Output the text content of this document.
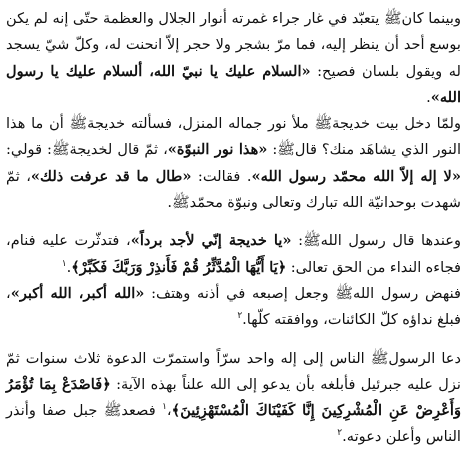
وبينما كانﷺ يتعبّد في غار جراء غمرته أنوار الجلال والعظمة حتّى إنه لم يكن بوسع أحد أن ينظر إليه، فما مرّ بشجر ولا حجر إلاّ انحنت له، وكلّ شيّ يسجد له ويقول بلسان فصيح: «السلام عليك يا نبيّ الله، ألسلام عليك يا رسول الله».

ولمّا دخل بيت خديجةﷺ ملأ نور جماله المنزل، فسألته خديجةﷺ أن ما هذا النور الذي يشاهَد منك؟ قالﷺ: «هذا نور النبوّة»، ثمّ قال لخديجةﷺ: قولي: «لا إله إلاّ الله محمّد رسول الله». فقالت: «طال ما قد عرفت ذلك»، ثمّ شهدت بوحدانيّة الله تبارك وتعالى ونبوّة محمّدﷺ.

وعندها قال رسول اللهﷺ: «يا خديجة إنّي لأجد برداً»، فتدثّرت عليه فنام، فجاءه النداء من الحق تعالى: ﴿يَا أَيُّهَا الْمُدَّثِّرُ قُمْ فَأَنذِرْ وَرَبَّكَ فَكَبِّرْ﴾.$^١$

فنهض رسول اللهﷺ وجعل إصبعه في أذنه وهتف: «الله أكبر، الله أكبر»، فبلغ نداؤه كلّ الكائنات، ووافقته كلّها.$^٢$

دعا الرسولﷺ الناس إلى إله واحد سرّاً واستمرّت الدعوة ثلاث سنوات ثمّ نزل عليه جبرئيل فأبلغه بأن يدعو إلى الله علناً بهذه الآية: ﴿فَاصْدَعْ بِمَا تُؤْمَرُ وَأَعْرِضْ عَنِ الْمُشْرِكِينَ إِنَّا كَفَيْنَاكَ الْمُسْتَهْزِئِينَ﴾،$^١$ فصعدﷺ جبل صفا وأنذر الناس وأعلن دعوته.$^٢$
